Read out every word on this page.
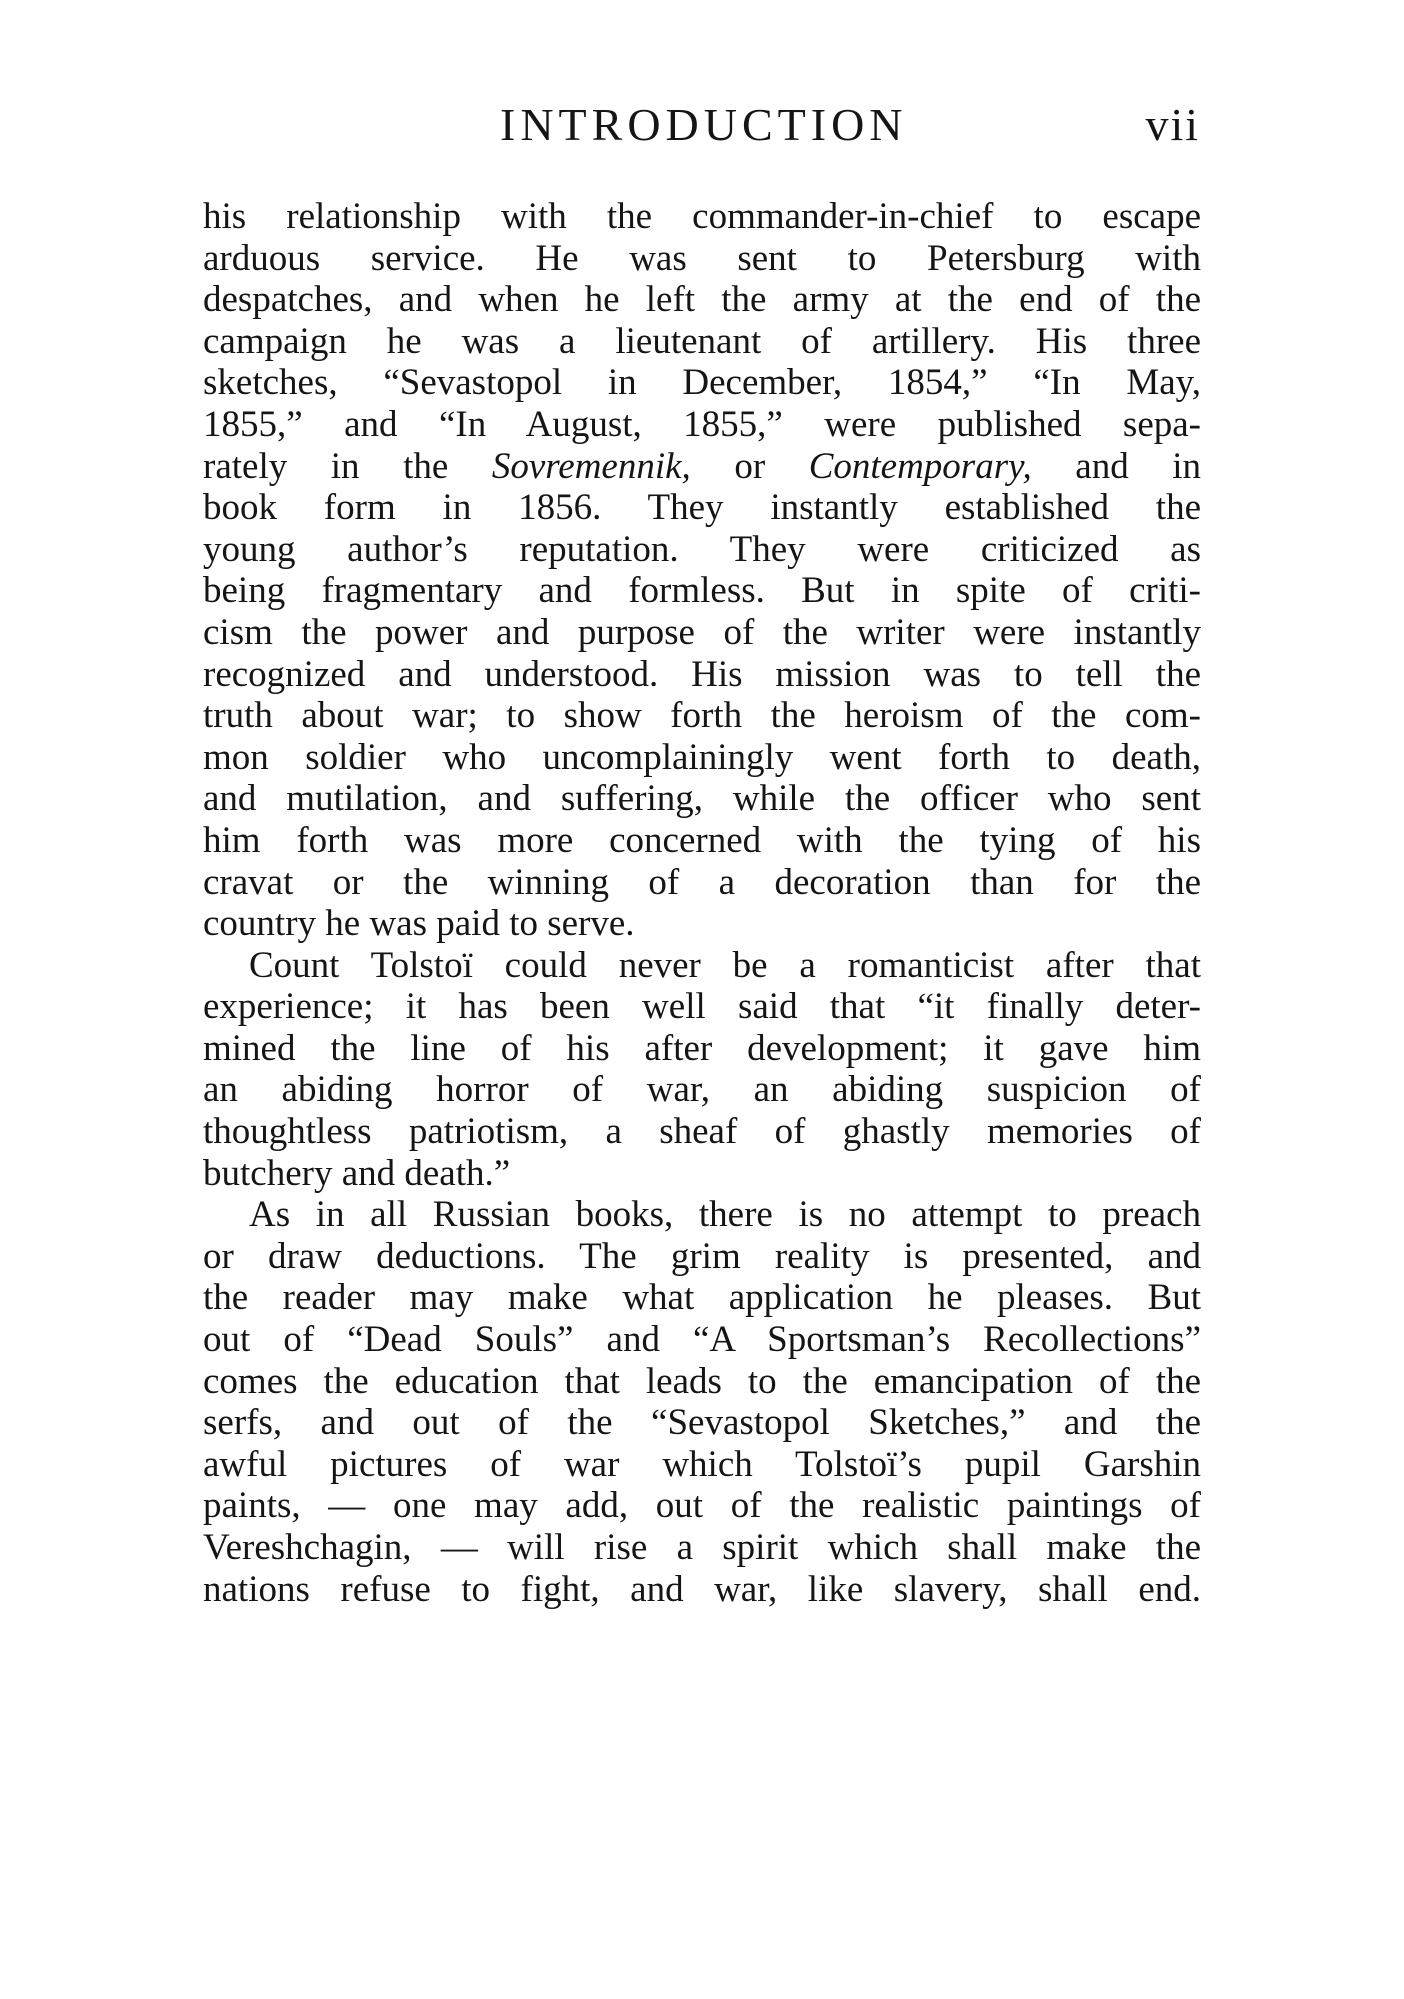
INTRODUCTION	vii

his relationship with the commander-in-chief to escape
arduous service. He was sent to Petersburg with
despatches, and when he left the army at the end of the
campaign he was a lieutenant of artillery. His three
sketches, “Sevastopol in December, 1854,” “In May,
1855,” and “In August, 1855,” were published sepa-
rately in the Sovremennik, or Contemporary, and in
book form in 1856. They instantly established the
young author’s reputation. They were criticized as
being fragmentary and formless. But in spite of criti-
cism the power and purpose of the writer were instantly
recognized and understood. His mission was to tell the
truth about war; to show forth the heroism of the com-
mon soldier who uncomplainingly went forth to death,
and mutilation, and suffering, while the officer who sent
him forth was more concerned with the tying of his
cravat or the winning of a decoration than for the
country he was paid to serve.

Count Tolstoï could never be a romanticist after that
experience; it has been well said that “it finally deter-
mined the line of his after development; it gave him
an abiding horror of war, an abiding suspicion of
thoughtless patriotism, a sheaf of ghastly memories of
butchery and death.”

As in all Russian books, there is no attempt to preach
or draw deductions. The grim reality is presented, and
the reader may make what application he pleases. But
out of “Dead Souls” and “A Sportsman’s Recollections”
comes the education that leads to the emancipation of the
serfs, and out of the “Sevastopol Sketches,” and the
awful pictures of war which Tolstoï’s pupil Garshin
paints, — one may add, out of the realistic paintings of
Vereshchagin, — will rise a spirit which shall make the
nations refuse to fight, and war, like slavery, shall end.
